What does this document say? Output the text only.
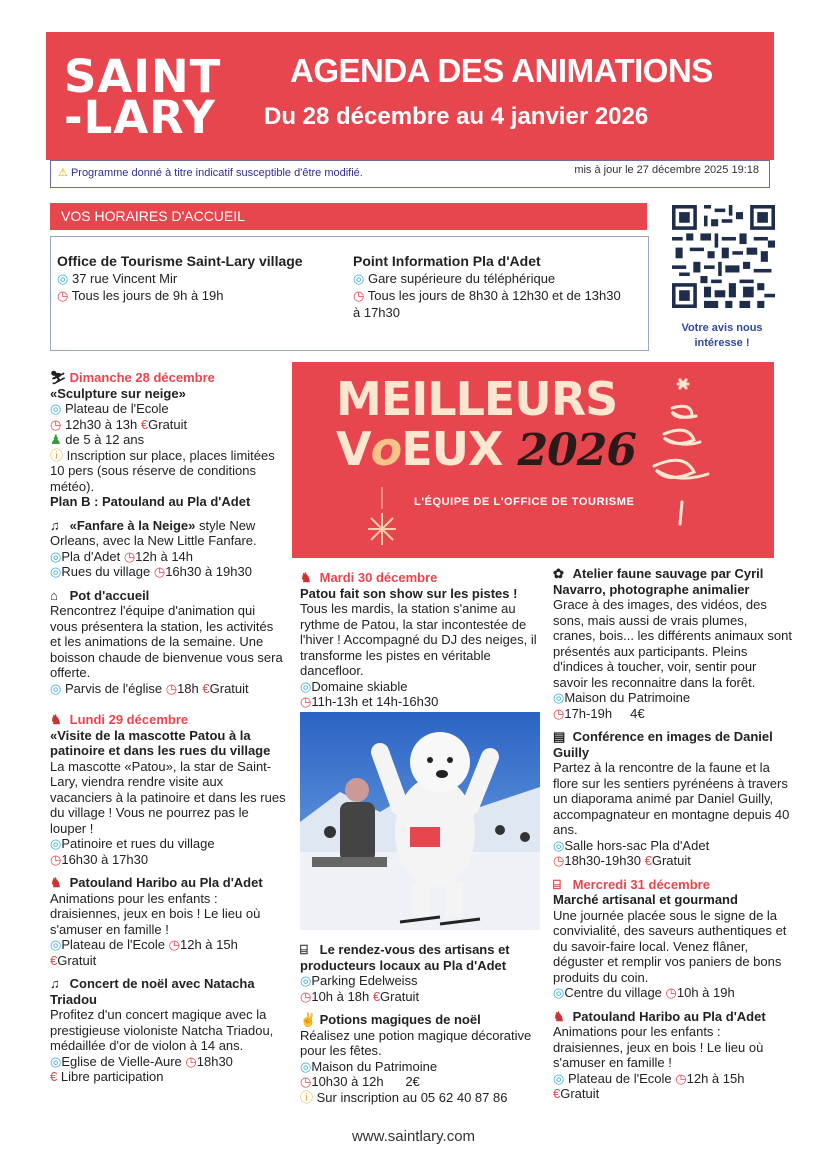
SAINT
-LARY
AGENDA DES ANIMATIONS
Du 28 décembre au 4 janvier 2026
⚠ Programme donné à titre indicatif susceptible d'être modifié.	mis à jour le 27 décembre 2025 19:18
VOS HORAIRES D'ACCUEIL
Office de Tourisme Saint-Lary village
◎ 37 rue Vincent Mir
◷ Tous les jours de 9h à 19h
Point Information Pla d'Adet
◎ Gare supérieure du téléphérique
◷ Tous les jours de 8h30 à 12h30 et de 13h30 à 17h30
Votre avis nous intéresse !
MEILLEURS
VoEUX 2026
L'ÉQUIPE DE L'OFFICE DE TOURISME
⛷ Dimanche 28 décembre
«Sculpture sur neige»
◎ Plateau de l'Ecole
◷ 12h30 à 13h €Gratuit
♟ de 5 à 12 ans
ⓘ Inscription sur place, places limitées 10 pers (sous réserve de conditions météo).
Plan B : Patouland au Pla d'Adet
♫ «Fanfare à la Neige» style New Orleans, avec la New Little Fanfare.
◎Pla d'Adet ◷12h à 14h
◎Rues du village ◷16h30 à 19h30
⌂ Pot d'accueil
Rencontrez l'équipe d'animation qui vous présentera la station, les activités et les animations de la semaine. Une boisson chaude de bienvenue vous sera offerte.
◎ Parvis de l'église ◷18h €Gratuit
♞ Lundi 29 décembre
«Visite de la mascotte Patou à la patinoire et dans les rues du village
La mascotte «Patou», la star de Saint-Lary, viendra rendre visite aux vacanciers à la patinoire et dans les rues du village ! Vous ne pourrez pas le louper !
◎Patinoire et rues du village
◷16h30 à 17h30
♞ Patouland Haribo au Pla d'Adet
Animations pour les enfants : draisiennes, jeux en bois ! Le lieu où s'amuser en famille !
◎Plateau de l'Ecole ◷12h à 15h
€Gratuit
♫ Concert de noël avec Natacha Triadou
Profitez d'un concert magique avec la prestigieuse violoniste Natcha Triadou, médaillée d'or de violon à 14 ans.
◎Eglise de Vielle-Aure ◷18h30
€ Libre participation
♞ Mardi 30 décembre
Patou fait son show sur les pistes !
Tous les mardis, la station s'anime au rythme de Patou, la star incontestée de l'hiver ! Accompagné du DJ des neiges, il transforme les pistes en véritable dancefloor.
◎Domaine skiable
◷11h-13h et 14h-16h30
⌸ Le rendez-vous des artisans et producteurs locaux au Pla d'Adet
◎Parking Edelweiss
◷10h à 18h €Gratuit
✌ Potions magiques de noël
Réalisez une potion magique décorative pour les fêtes.
◎Maison du Patrimoine
◷10h30 à 12h 2€
ⓘ Sur inscription au 05 62 40 87 86
✿ Atelier faune sauvage par Cyril Navarro, photographe animalier
Grace à des images, des vidéos, des sons, mais aussi de vrais plumes, cranes, bois... les différents animaux sont présentés aux participants. Pleins d'indices à toucher, voir, sentir pour savoir les reconnaitre dans la forêt.
◎Maison du Patrimoine
◷17h-19h 4€
▤ Conférence en images de Daniel Guilly
Partez à la rencontre de la faune et la flore sur les sentiers pyrénéens à travers un diaporama animé par Daniel Guilly, accompagnateur en montagne depuis 40 ans.
◎Salle hors-sac Pla d'Adet
◷18h30-19h30 €Gratuit
⌸ Mercredi 31 décembre
Marché artisanal et gourmand
Une journée placée sous le signe de la convivialité, des saveurs authentiques et du savoir-faire local. Venez flâner, déguster et remplir vos paniers de bons produits du coin.
◎Centre du village ◷10h à 19h
♞ Patouland Haribo au Pla d'Adet
Animations pour les enfants : draisiennes, jeux en bois ! Le lieu où s'amuser en famille !
◎ Plateau de l'Ecole ◷12h à 15h
€Gratuit
www.saintlary.com
